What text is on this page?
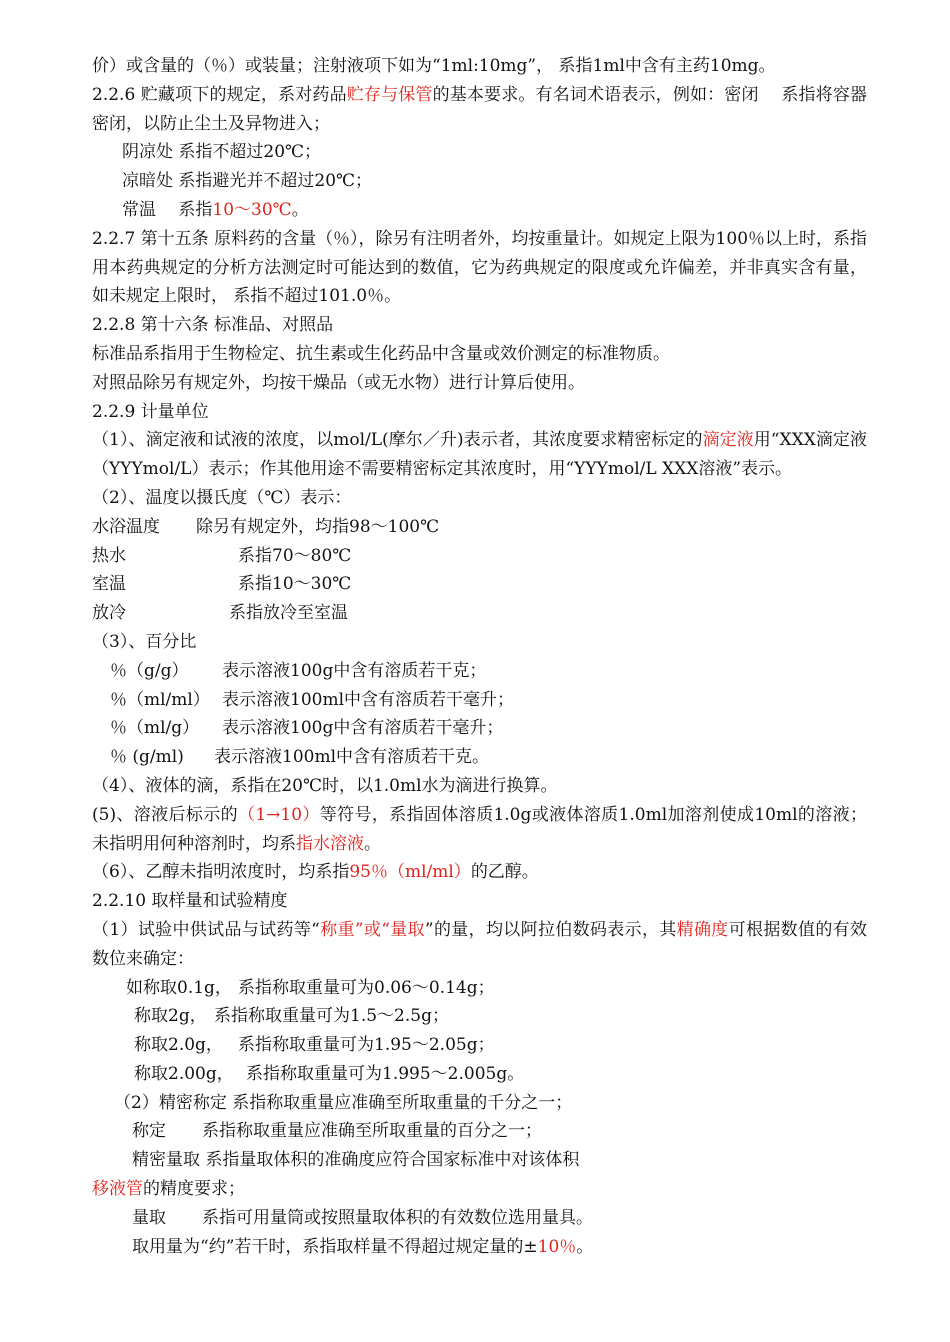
价）或含量的（％）或装量；注射液项下如为“1ml:10mg”， 系指1ml中含有主药10mg。
2.2.6 贮藏项下的规定，系对药品贮存与保管的基本要求。有名词术语表示，例如：密闭　 系指将容器密闭，以防止尘土及异物进入；
阴凉处 系指不超过20℃；
凉暗处 系指避光并不超过20℃；
常温　 系指10～30℃。
2.2.7 第十五条 原料药的含量（％），除另有注明者外，均按重量计。如规定上限为100％以上时，系指用本药典规定的分析方法测定时可能达到的数值，它为药典规定的限度或允许偏差，并非真实含有量，如未规定上限时， 系指不超过101.0％。
2.2.8 第十六条 标准品、对照品
标准品系指用于生物检定、抗生素或生化药品中含量或效价测定的标准物质。
对照品除另有规定外，均按干燥品（或无水物）进行计算后使用。
2.2.9 计量单位
（1）、滴定液和试液的浓度，以mol/L(摩尔／升)表示者，其浓度要求精密标定的滴定液用“XXX滴定液（YYYmol/L）表示；作其他用途不需要精密标定其浓度时，用“YYYmol/L XXX溶液”表示。
（2）、温度以摄氏度（℃）表示：
水浴温度 除另有规定外，均指98～100℃
热水	系指70～80℃
室温	系指10～30℃
放冷	系指放冷至室温
（3）、百分比
％（g/g） 表示溶液100g中含有溶质若干克；
％（ml/ml） 表示溶液100ml中含有溶质若干毫升；
％（ml/g） 表示溶液100g中含有溶质若干毫升；
％ (g/ml) 表示溶液100ml中含有溶质若干克。
（4）、液体的滴，系指在20℃时，以1.0ml水为滴进行换算。
(5)、溶液后标示的（1→10）等符号，系指固体溶质1.0g或液体溶质1.0ml加溶剂使成10ml的溶液；未指明用何种溶剂时，均系指水溶液。
（6）、乙醇未指明浓度时，均系指95％（ml/ml）的乙醇。
2.2.10 取样量和试验精度
（1）试验中供试品与试药等“称重”或“量取”的量，均以阿拉伯数码表示，其精确度可根据数值的有效数位来确定：
如称取0.1g， 系指称取重量可为0.06～0.14g；
称取2g， 系指称取重量可为1.5～2.5g；
称取2.0g， 系指称取重量可为1.95～2.05g；
称取2.00g， 系指称取重量可为1.995～2.005g。
（2）精密称定 系指称取重量应准确至所取重量的千分之一；
称定 系指称取重量应准确至所取重量的百分之一；
精密量取 系指量取体积的准确度应符合国家标准中对该体积
移液管的精度要求；
量取 系指可用量筒或按照量取体积的有效数位选用量具。
取用量为“约”若干时，系指取样量不得超过规定量的±10％。
